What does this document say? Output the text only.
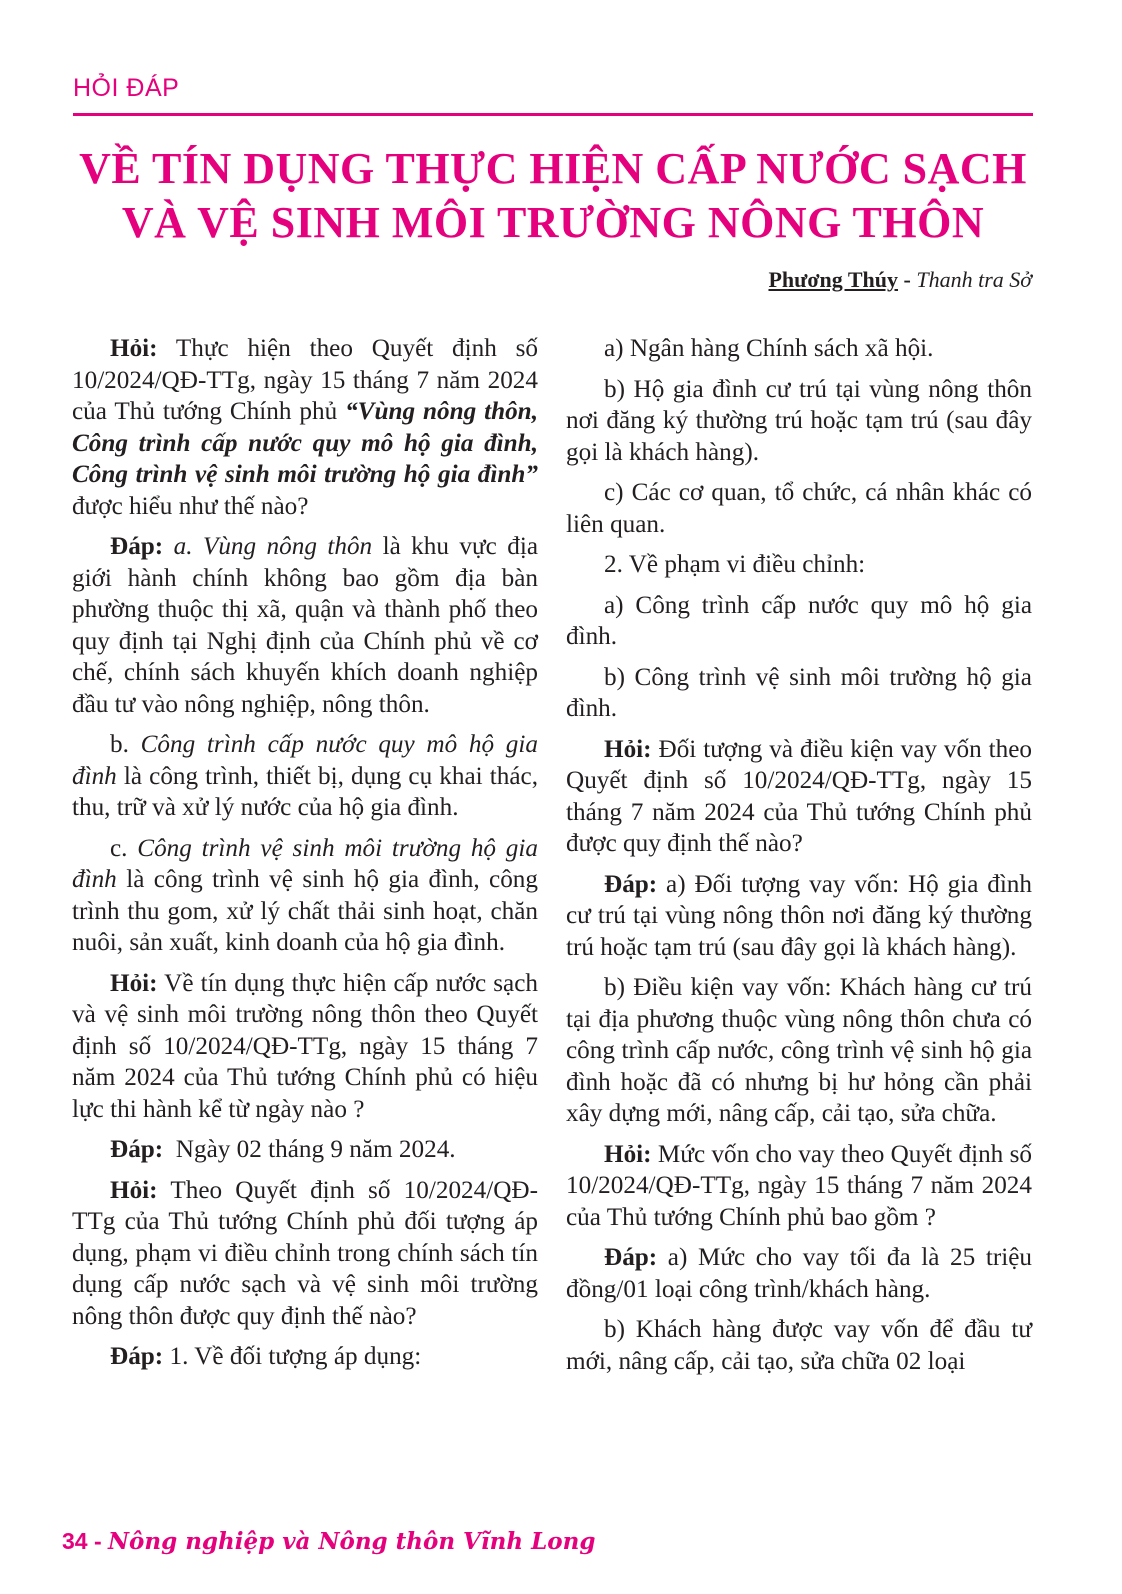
HỎI ĐÁP
VỀ TÍN DỤNG THỰC HIỆN CẤP NƯỚC SẠCH
VÀ VỆ SINH MÔI TRƯỜNG NÔNG THÔN
Phương Thúy - Thanh tra Sở

Hỏi: Thực hiện theo Quyết định số 10/2024/QĐ-TTg, ngày 15 tháng 7 năm 2024 của Thủ tướng Chính phủ “Vùng nông thôn, Công trình cấp nước quy mô hộ gia đình, Công trình vệ sinh môi trường hộ gia đình” được hiểu như thế nào?

Đáp: a. Vùng nông thôn là khu vực địa giới hành chính không bao gồm địa bàn phường thuộc thị xã, quận và thành phố theo quy định tại Nghị định của Chính phủ về cơ chế, chính sách khuyến khích doanh nghiệp đầu tư vào nông nghiệp, nông thôn.

b. Công trình cấp nước quy mô hộ gia đình là công trình, thiết bị, dụng cụ khai thác, thu, trữ và xử lý nước của hộ gia đình.

c. Công trình vệ sinh môi trường hộ gia đình là công trình vệ sinh hộ gia đình, công trình thu gom, xử lý chất thải sinh hoạt, chăn nuôi, sản xuất, kinh doanh của hộ gia đình.

Hỏi: Về tín dụng thực hiện cấp nước sạch và vệ sinh môi trường nông thôn theo Quyết định số 10/2024/QĐ-TTg, ngày 15 tháng 7 năm 2024 của Thủ tướng Chính phủ có hiệu lực thi hành kể từ ngày nào ?

Đáp:  Ngày 02 tháng 9 năm 2024.

Hỏi: Theo Quyết định số 10/2024/QĐ-TTg của Thủ tướng Chính phủ đối tượng áp dụng, phạm vi điều chỉnh trong chính sách tín dụng cấp nước sạch và vệ sinh môi trường nông thôn được quy định thế nào?

Đáp: 1. Về đối tượng áp dụng:

a) Ngân hàng Chính sách xã hội.

b) Hộ gia đình cư trú tại vùng nông thôn nơi đăng ký thường trú hoặc tạm trú (sau đây gọi là khách hàng).

c) Các cơ quan, tổ chức, cá nhân khác có liên quan.

2. Về phạm vi điều chỉnh:

a) Công trình cấp nước quy mô hộ gia đình.

b) Công trình vệ sinh môi trường hộ gia đình.

Hỏi: Đối tượng và điều kiện vay vốn theo Quyết định số 10/2024/QĐ-TTg, ngày 15 tháng 7 năm 2024 của Thủ tướng Chính phủ được quy định thế nào?

Đáp: a) Đối tượng vay vốn: Hộ gia đình cư trú tại vùng nông thôn nơi đăng ký thường trú hoặc tạm trú (sau đây gọi là khách hàng).

b) Điều kiện vay vốn: Khách hàng cư trú tại địa phương thuộc vùng nông thôn chưa có công trình cấp nước, công trình vệ sinh hộ gia đình hoặc đã có nhưng bị hư hỏng cần phải xây dựng mới, nâng cấp, cải tạo, sửa chữa.

Hỏi: Mức vốn cho vay theo Quyết định số 10/2024/QĐ-TTg, ngày 15 tháng 7 năm 2024 của Thủ tướng Chính phủ bao gồm ?

Đáp: a) Mức cho vay tối đa là 25 triệu đồng/01 loại công trình/khách hàng.

b) Khách hàng được vay vốn để đầu tư mới, nâng cấp, cải tạo, sửa chữa 02 loại

34 - Nông nghiệp và Nông thôn Vĩnh Long
